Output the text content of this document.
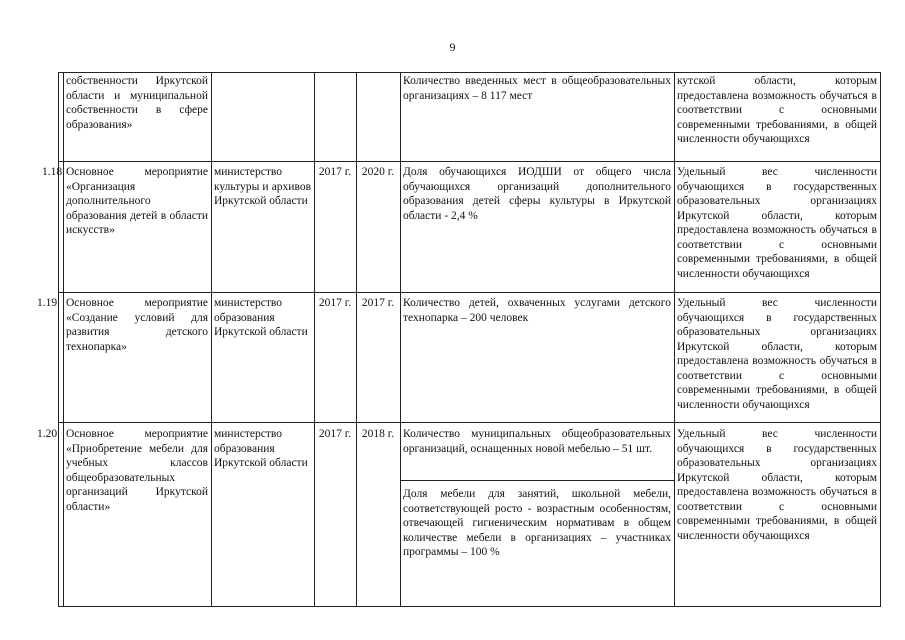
9
собственности Иркутской области и муниципальной собственности в сфере образования»
Количество введенных мест в общеобразовательных организациях – 8 117 мест
кутской области, которым предоставлена возможность обучаться в соответствии с основными современными требованиями, в общей численности обучающихся
1.18 Основное мероприятие «Организация дополнительного образования детей в области искусств»
министерство культуры и архивов Иркутской области
2017 г. 2020 г. Доля обучающихся ИОДШИ от общего числа обучающихся организаций дополнительного образования детей сферы культуры в Иркутской области - 2,4 %
Удельный вес численности обучающихся в государственных образовательных организациях Иркутской области, которым предоставлена возможность обучаться в соответствии с основными современными требованиями, в общей численности обучающихся
1.19 Основное мероприятие «Создание условий для развития детского технопарка»
министерство образования Иркутской области
2017 г. 2017 г. Количество детей, охваченных услугами детского технопарка – 200 человек
Удельный вес численности обучающихся в государственных образовательных организациях Иркутской области, которым предоставлена возможность обучаться в соответствии с основными современными требованиями, в общей численности обучающихся
1.20 Основное мероприятие «Приобретение мебели для учебных классов общеобразовательных организаций Иркутской области»
министерство образования Иркутской области
2017 г. 2018 г. Количество муниципальных общеобразовательных организаций, оснащенных новой мебелью – 51 шт.
Доля мебели для занятий, школьной мебели, соответствующей росто - возрастным особенностям, отвечающей гигиеническим нормативам в общем количестве мебели в организациях – участниках программы – 100 %
Удельный вес численности обучающихся в государственных образовательных организациях Иркутской области, которым предоставлена возможность обучаться в соответствии с основными современными требованиями, в общей численности обучающихся
